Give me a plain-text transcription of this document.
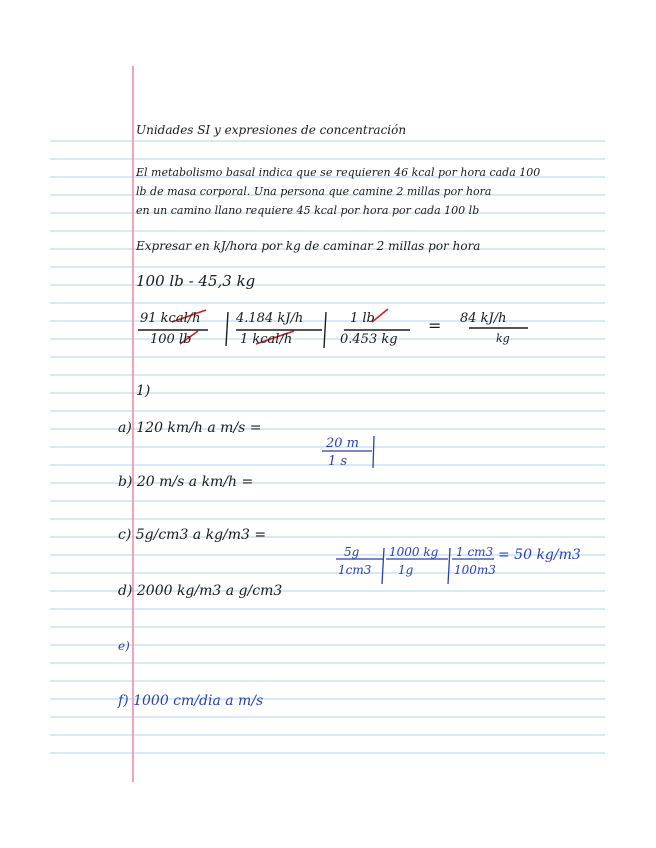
Unidades SI y expresiones de concentración
El metabolismo basal indica que se requieren 46 kcal por hora cada 100
lb de masa corporal. Una persona que camine 2 millas por hora
en un camino llano requiere 45 kcal por hora por cada 100 lb
Expresar en kJ/hora por kg de caminar 2 millas por hora
100 lb - 45,3 kg
91 kcal/h
100 lb
4.184 kJ/h
1 kcal/h
1 lb
0.453 kg
= 84 kJ/h
kg
1)
a) 120 km/h a m/s =
20 m
1 s
b) 20 m/s a km/h =
c) 5g/cm3 a kg/m3 =
5g
1cm3
1000 kg
1g
1 cm3
100m3
= 50 kg/m3
d) 2000 kg/m3 a g/cm3
e)
f) 1000 cm/dia a m/s
